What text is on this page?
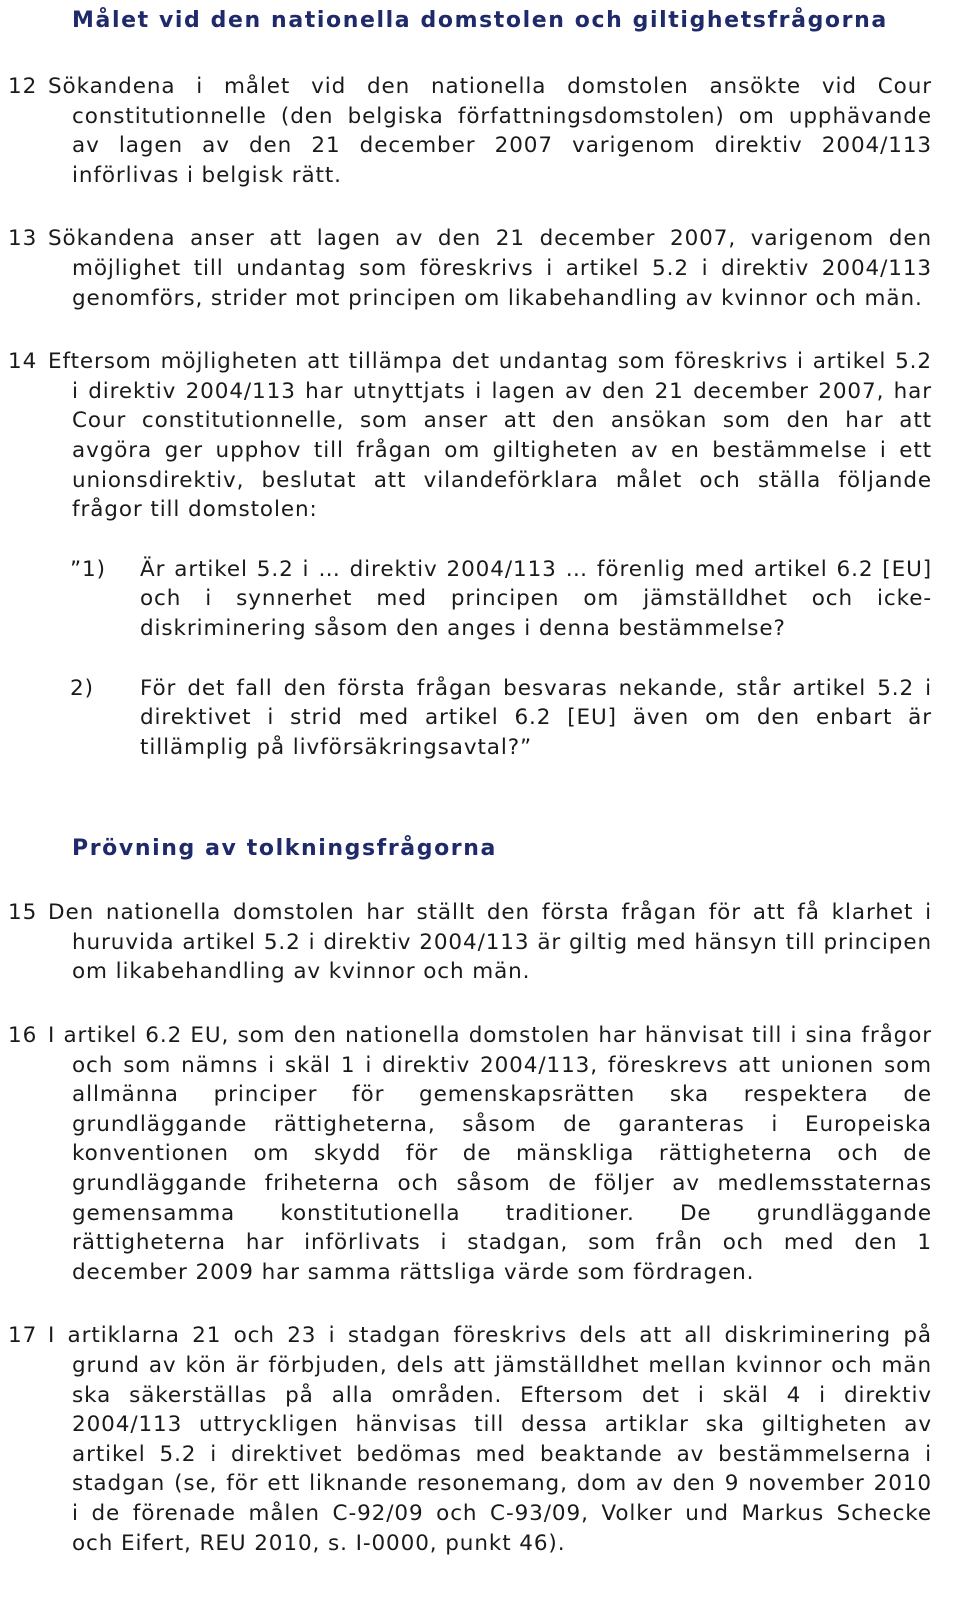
Målet vid den nationella domstolen och giltighetsfrågorna
12 Sökandena i målet vid den nationella domstolen ansökte vid Cour constitutionnelle (den belgiska författningsdomstolen) om upphävande av lagen av den 21 december 2007 varigenom direktiv 2004/113 införlivas i belgisk rätt.
13 Sökandena anser att lagen av den 21 december 2007, varigenom den möjlighet till undantag som föreskrivs i artikel 5.2 i direktiv 2004/113 genomförs, strider mot principen om likabehandling av kvinnor och män.
14 Eftersom möjligheten att tillämpa det undantag som föreskrivs i artikel 5.2 i direktiv 2004/113 har utnyttjats i lagen av den 21 december 2007, har Cour constitutionnelle, som anser att den ansökan som den har att avgöra ger upphov till frågan om giltigheten av en bestämmelse i ett unionsdirektiv, beslutat att vilandeförklara målet och ställa följande frågor till domstolen:
”1) Är artikel 5.2 i … direktiv 2004/113 … förenlig med artikel 6.2 [EU] och i synnerhet med principen om jämställdhet och icke-diskriminering såsom den anges i denna bestämmelse?
2) För det fall den första frågan besvaras nekande, står artikel 5.2 i direktivet i strid med artikel 6.2 [EU] även om den enbart är tillämplig på livförsäkringsavtal?”
Prövning av tolkningsfrågorna
15 Den nationella domstolen har ställt den första frågan för att få klarhet i huruvida artikel 5.2 i direktiv 2004/113 är giltig med hänsyn till principen om likabehandling av kvinnor och män.
16 I artikel 6.2 EU, som den nationella domstolen har hänvisat till i sina frågor och som nämns i skäl 1 i direktiv 2004/113, föreskrevs att unionen som allmänna principer för gemenskapsrätten ska respektera de grundläggande rättigheterna, såsom de garanteras i Europeiska konventionen om skydd för de mänskliga rättigheterna och de grundläggande friheterna och såsom de följer av medlemsstaternas gemensamma konstitutionella traditioner. De grundläggande rättigheterna har införlivats i stadgan, som från och med den 1 december 2009 har samma rättsliga värde som fördragen.
17 I artiklarna 21 och 23 i stadgan föreskrivs dels att all diskriminering på grund av kön är förbjuden, dels att jämställdhet mellan kvinnor och män ska säkerställas på alla områden. Eftersom det i skäl 4 i direktiv 2004/113 uttryckligen hänvisas till dessa artiklar ska giltigheten av artikel 5.2 i direktivet bedömas med beaktande av bestämmelserna i stadgan (se, för ett liknande resonemang, dom av den 9 november 2010 i de förenade målen C-92/09 och C-93/09, Volker und Markus Schecke och Eifert, REU 2010, s. I-0000, punkt 46).
